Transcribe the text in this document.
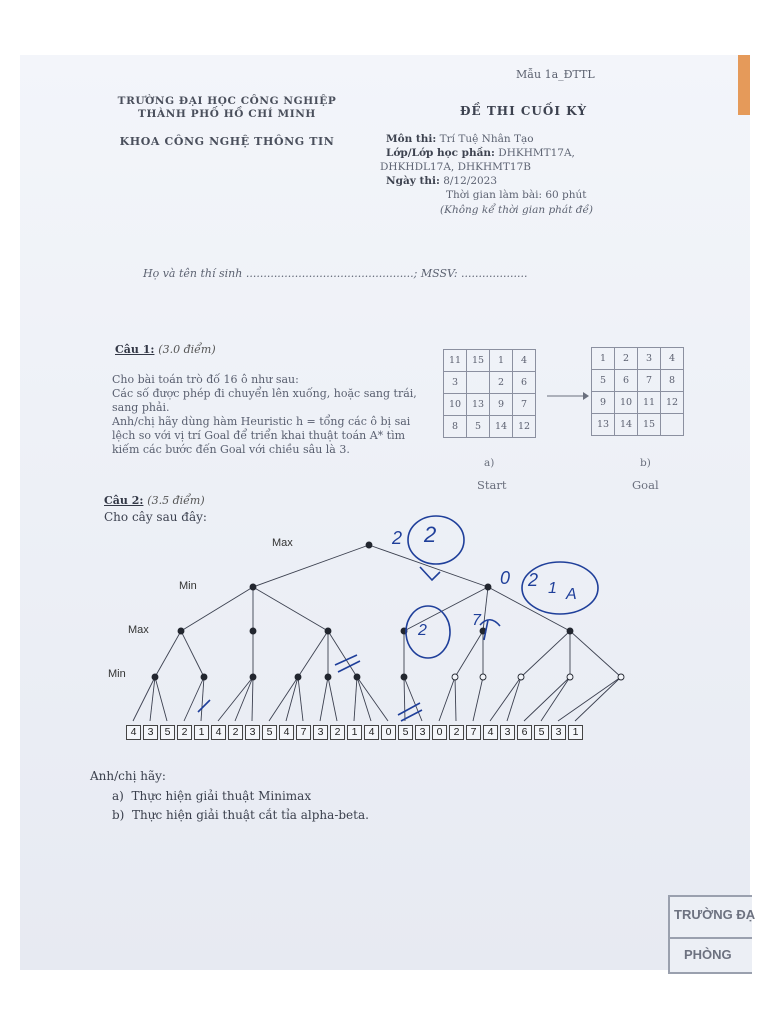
Mẫu 1a_ĐTTL
TRƯỜNG ĐẠI HỌC CÔNG NGHIỆP
THÀNH PHỐ HỒ CHÍ MINH
KHOA CÔNG NGHỆ THÔNG TIN
ĐỀ THI CUỐI KỲ
Môn thi: Trí Tuệ Nhân Tạo
Lớp/Lớp học phần: DHKHMT17A,
DHKHDL17A, DHKHMT17B
Ngày thi: 8/12/2023
Thời gian làm bài: 60 phút
(Không kể thời gian phát đề)
Họ và tên thí sinh ................................................; MSSV: ...................
Câu 1: (3.0 điểm)
Cho bài toán trò đố 16 ô như sau:
Các số được phép đi chuyển lên xuống, hoặc sang trái, sang phải.
Anh/chị hãy dùng hàm Heuristic h = tổng các ô bị sai lệch so với vị trí Goal để triển khai thuật toán A* tìm kiếm các bước đến Goal với chiều sâu là 3.
11	15	1	4
3		2	6
10	13	9	7
8	5	14	12
1	2	3	4
5	6	7	8
9	10	11	12
13	14	15	
a)	b)
Start	Goal
Câu 2: (3.5 điểm)
Cho cây sau đây:
Max
Min
Max
Min
2
2
0 2 1 A
2
7
4	3	5	2	1	4	2	3	5	4	7	3	2	1	4	0	5	3	0	2	7	4	3	6	5	3	1
Anh/chị hãy:
a) Thực hiện giải thuật Minimax
b) Thực hiện giải thuật cắt tỉa alpha-beta.
TRƯỜNG ĐẠ
PHÒNG
